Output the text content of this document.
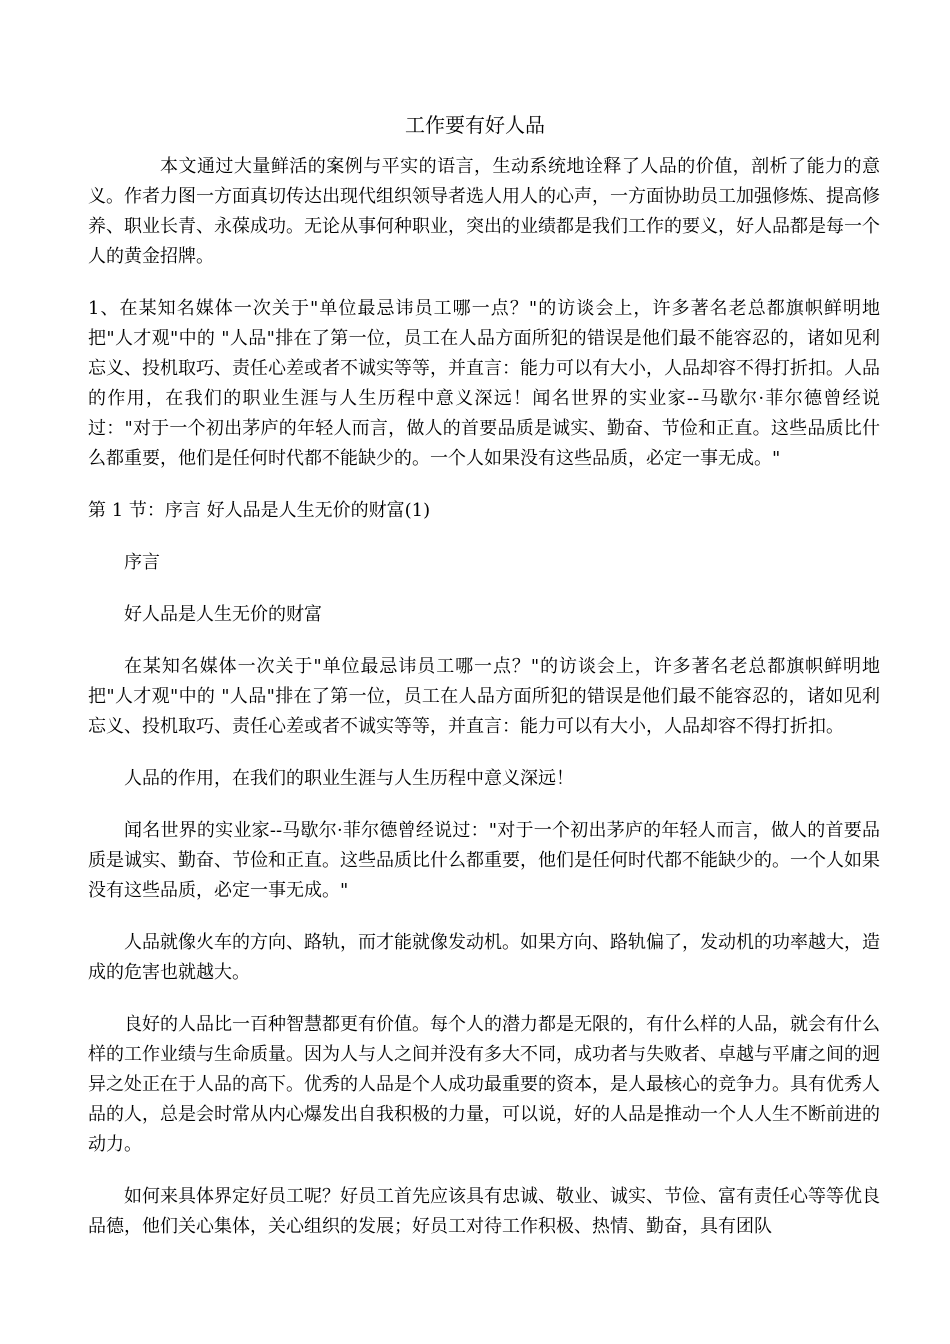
工作要有好人品

本文通过大量鲜活的案例与平实的语言，生动系统地诠释了人品的价值，剖析了能力的意义。作者力图一方面真切传达出现代组织领导者选人用人的心声，一方面协助员工加强修炼、提高修养、职业长青、永葆成功。无论从事何种职业，突出的业绩都是我们工作的要义，好人品都是每一个人的黄金招牌。

1、在某知名媒体一次关于"单位最忌讳员工哪一点？"的访谈会上，许多著名老总都旗帜鲜明地把"人才观"中的 "人品"排在了第一位，员工在人品方面所犯的错误是他们最不能容忍的，诸如见利忘义、投机取巧、责任心差或者不诚实等等，并直言：能力可以有大小，人品却容不得打折扣。人品的作用，在我们的职业生涯与人生历程中意义深远！闻名世界的实业家--马歇尔·菲尔德曾经说过："对于一个初出茅庐的年轻人而言，做人的首要品质是诚实、勤奋、节俭和正直。这些品质比什么都重要，他们是任何时代都不能缺少的。一个人如果没有这些品质，必定一事无成。"

第 1 节：序言 好人品是人生无价的财富(1)

序言

好人品是人生无价的财富

在某知名媒体一次关于"单位最忌讳员工哪一点？"的访谈会上，许多著名老总都旗帜鲜明地把"人才观"中的 "人品"排在了第一位，员工在人品方面所犯的错误是他们最不能容忍的，诸如见利忘义、投机取巧、责任心差或者不诚实等等，并直言：能力可以有大小，人品却容不得打折扣。

人品的作用，在我们的职业生涯与人生历程中意义深远！

闻名世界的实业家--马歇尔·菲尔德曾经说过："对于一个初出茅庐的年轻人而言，做人的首要品质是诚实、勤奋、节俭和正直。这些品质比什么都重要，他们是任何时代都不能缺少的。一个人如果没有这些品质，必定一事无成。"

人品就像火车的方向、路轨，而才能就像发动机。如果方向、路轨偏了，发动机的功率越大，造成的危害也就越大。

良好的人品比一百种智慧都更有价值。每个人的潜力都是无限的，有什么样的人品，就会有什么样的工作业绩与生命质量。因为人与人之间并没有多大不同，成功者与失败者、卓越与平庸之间的迥异之处正在于人品的高下。优秀的人品是个人成功最重要的资本，是人最核心的竞争力。具有优秀人品的人，总是会时常从内心爆发出自我积极的力量，可以说，好的人品是推动一个人人生不断前进的动力。

如何来具体界定好员工呢？好员工首先应该具有忠诚、敬业、诚实、节俭、富有责任心等等优良品德，他们关心集体，关心组织的发展；好员工对待工作积极、热情、勤奋，具有团队
